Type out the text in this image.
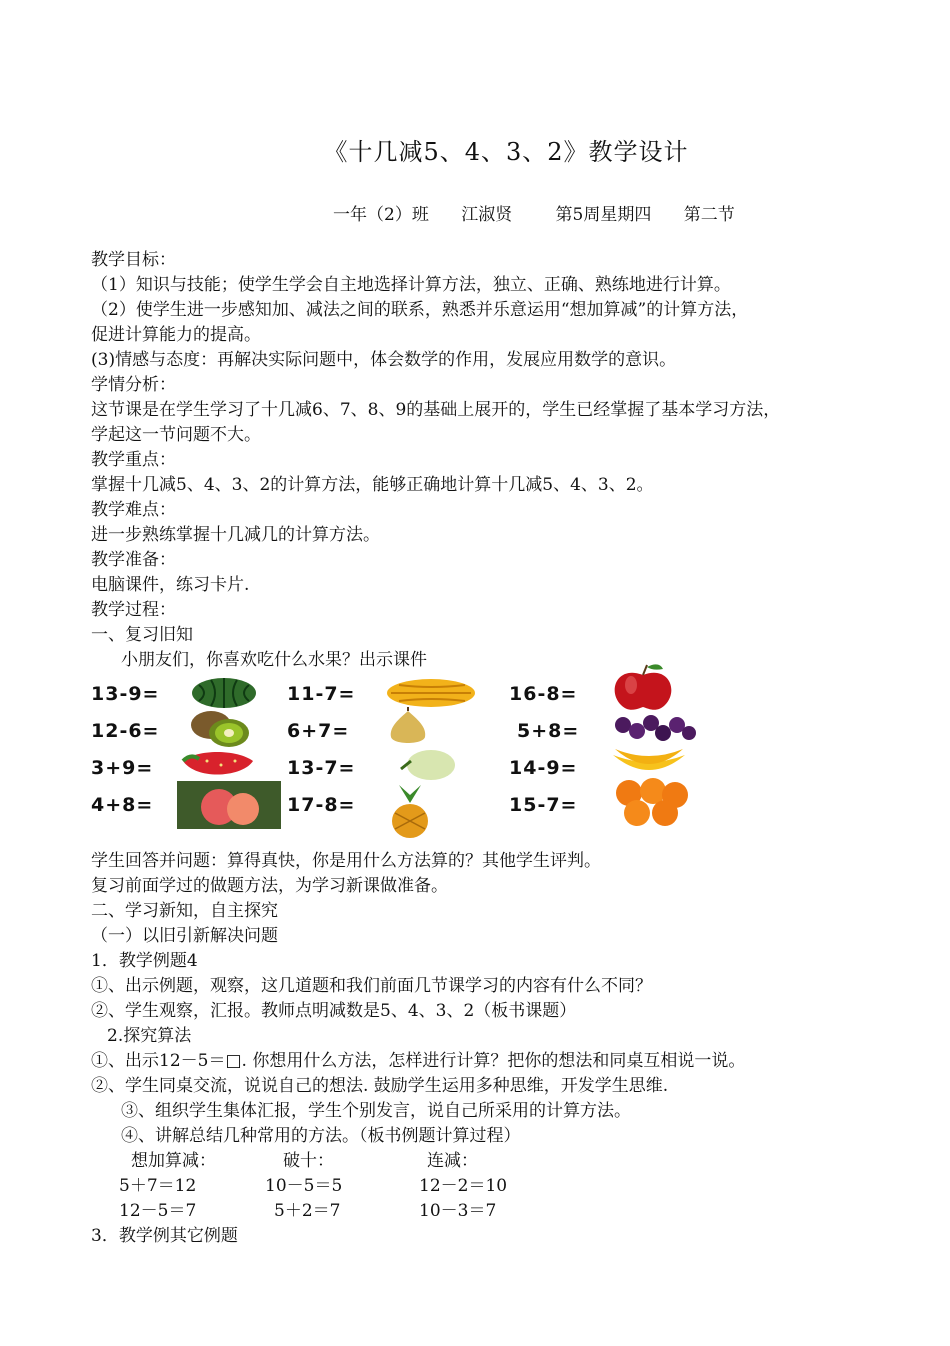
《十几减5、4、3、2》教学设计
一年（2）班 江淑贤	第5周星期四 第二节
教学目标：
（1）知识与技能；使学生学会自主地选择计算方法，独立、正确、熟练地进行计算。
（2）使学生进一步感知加、减法之间的联系，熟悉并乐意运用“想加算减”的计算方法，
促进计算能力的提高。
(3)情感与态度：再解决实际问题中，体会数学的作用，发展应用数学的意识。
学情分析：
这节课是在学生学习了十几减6、7、8、9的基础上展开的，学生已经掌握了基本学习方法，
学起这一节问题不大。
教学重点：
掌握十几减5、4、3、2的计算方法，能够正确地计算十几减5、4、3、2。
教学难点：
进一步熟练掌握十几减几的计算方法。
教学准备：
电脑课件，练习卡片.
教学过程：
一、复习旧知
小朋友们，你喜欢吃什么水果？出示课件
13-9=	11-7=	16-8=
12-6=	6+7=	5+8=
3+9=	13-7=	14-9=
4+8=	17-8=	15-7=
学生回答并问题：算得真快，你是用什么方法算的？其他学生评判。
复习前面学过的做题方法，为学习新课做准备。
二、学习新知，自主探究
（一）以旧引新解决问题
1．教学例题4
①、出示例题，观察，这几道题和我们前面几节课学习的内容有什么不同？
②、学生观察，汇报。教师点明减数是5、4、3、2（板书课题）
2.探究算法
①、出示12－5＝□. 你想用什么方法，怎样进行计算？把你的想法和同桌互相说一说。
②、学生同桌交流，说说自己的想法. 鼓励学生运用多种思维，开发学生思维.
③、组织学生集体汇报，学生个别发言，说自己所采用的计算方法。
④、讲解总结几种常用的方法。（板书例题计算过程）
想加算减：	破十：	连减：
5＋7＝12	10－5＝5	12－2＝10
12－5＝7	5＋2＝7	10－3＝7
3．教学例其它例题
